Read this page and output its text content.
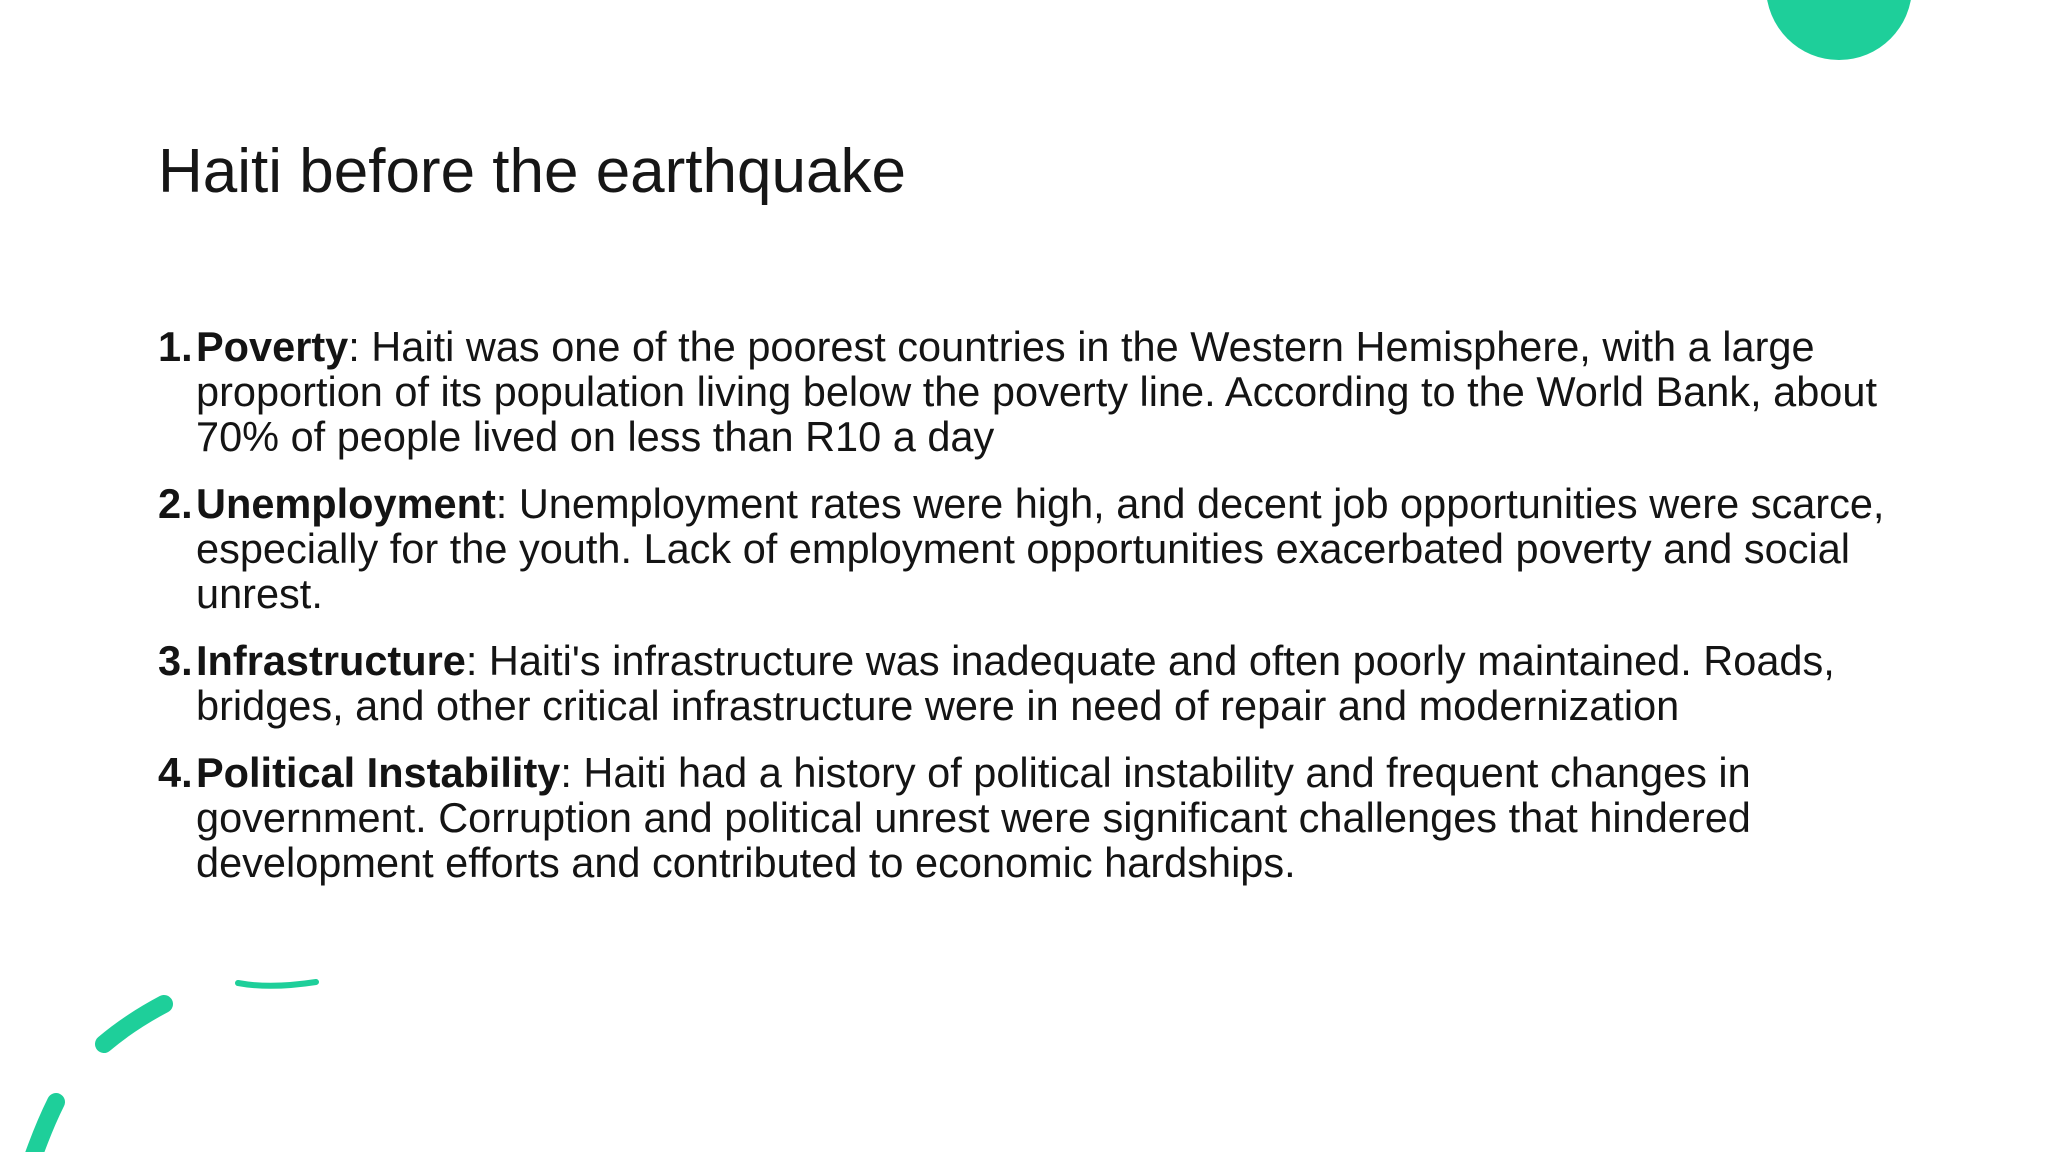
Haiti before the earthquake
1. Poverty: Haiti was one of the poorest countries in the Western Hemisphere, with a large proportion of its population living below the poverty line. According to the World Bank, about 70% of people lived on less than R10 a day
2. Unemployment: Unemployment rates were high, and decent job opportunities were scarce, especially for the youth. Lack of employment opportunities exacerbated poverty and social unrest.
3. Infrastructure: Haiti's infrastructure was inadequate and often poorly maintained. Roads, bridges, and other critical infrastructure were in need of repair and modernization
4. Political Instability: Haiti had a history of political instability and frequent changes in government. Corruption and political unrest were significant challenges that hindered development efforts and contributed to economic hardships.
